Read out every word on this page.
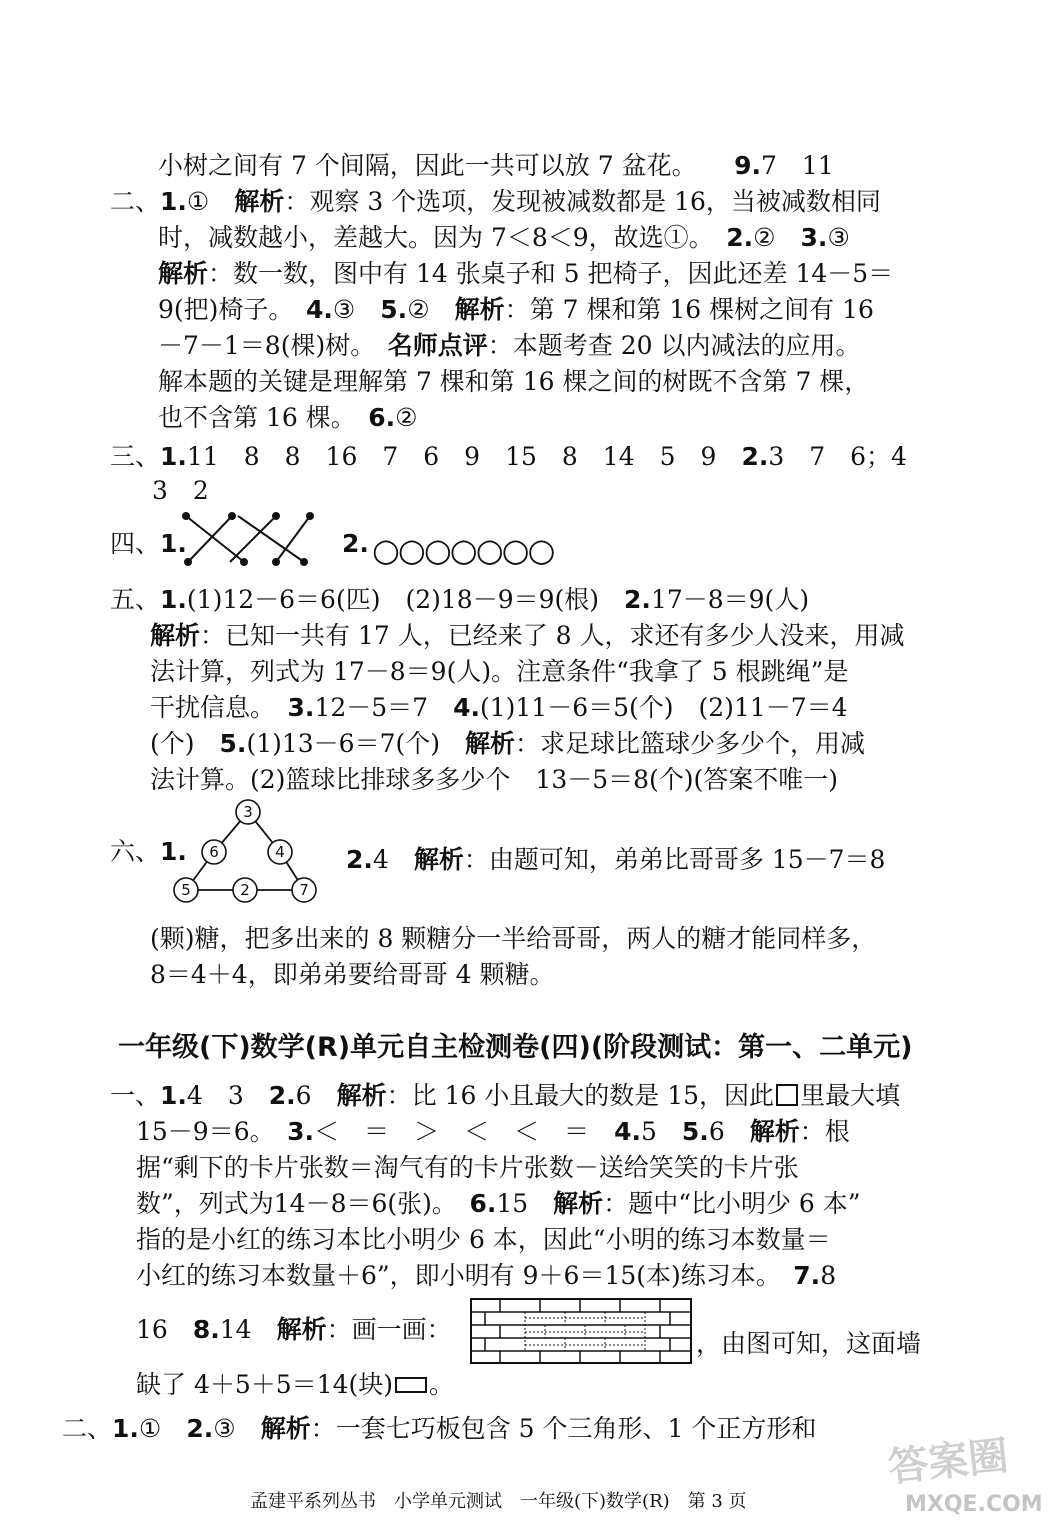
小树之间有 7 个间隔，因此一共可以放 7 盆花。　　 9.7　11
二、1.①　 解析：观察 3 个选项，发现被减数都是 16，当被减数相同
时，减数越小，差越大。因为 7＜8＜9，故选①。　 2.②　 3.③
解析：数一数，图中有 14 张桌子和 5 把椅子，因此还差 14－5＝
9(把)椅子。　 4.③　 5.②　 解析：第 7 棵和第 16 棵树之间有 16
－7－1＝8(棵)树。　 名师点评：本题考查 20 以内减法的应用。
解本题的关键是理解第 7 棵和第 16 棵之间的树既不含第 7 棵，
也不含第 16 棵。　 6.②
三、1.11　8　8　16　7　6　9　15　8　14　5　9　 2.3　7　6；4
3　2
四、1.	2. ○○○○○○○
五、1.(1)12－6＝6(匹)　(2)18－9＝9(根)　 2.17－8＝9(人)
解析：已知一共有 17 人，已经来了 8 人，求还有多少人没来，用减
法计算，列式为 17－8＝9(人)。注意条件“我拿了 5 根跳绳”是
干扰信息。　 3.12－5＝7　 4.(1)11－6＝5(个)　(2)11－7＝4
(个)　 5.(1)13－6＝7(个)　 解析：求足球比篮球少多少个，用减
法计算。(2)篮球比排球多多少个　13－5＝8(个)(答案不唯一)
六、1.
3
6	4
5	2	7
2.4　 解析：由题可知，弟弟比哥哥多 15－7＝8
(颗)糖，把多出来的 8 颗糖分一半给哥哥，两人的糖才能同样多，
8＝4＋4，即弟弟要给哥哥 4 颗糖。
一年级(下)数学(R)单元自主检测卷(四)(阶段测试：第一、二单元)
一、1.4　3　 2.6　 解析：比 16 小且最大的数是 15，因此 里最大填
15－9＝6。　 3.＜　＝　＞　＜　＜　＝　 4.5　 5.6　 解析：根
据“剩下的卡片张数＝淘气有的卡片张数－送给笑笑的卡片张
数”，列式为14－8＝6(张)。　 6.15　 解析：题中“比小明少 6 本”
指的是小红的练习本比小明少 6 本，因此“小明的练习本数量＝
小红的练习本数量＋6”，即小明有 9＋6＝15(本)练习本。　 7.8
16　 8.14　 解析：画一画：	，由图可知，这面墙
缺了 4＋5＋5＝14(块) 。
二、1.①　 2.③　 解析：一套七巧板包含 5 个三角形、1 个正方形和
孟建平系列丛书　小学单元测试　一年级(下)数学(R)　第 3 页
答案圈
MXQE.COM
